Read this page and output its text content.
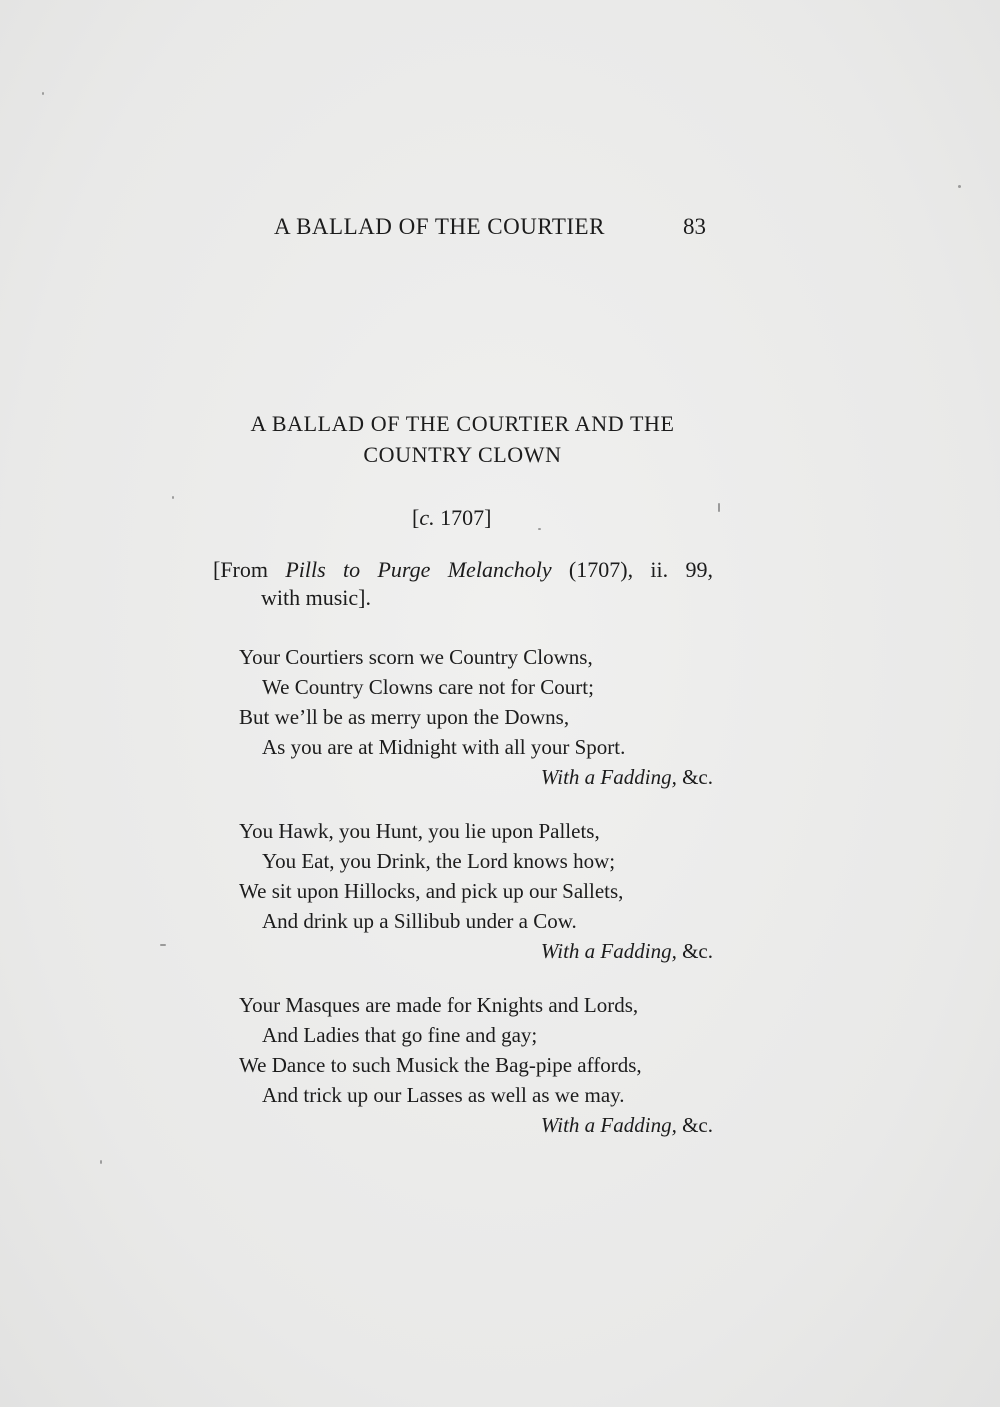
A BALLAD OF THE COURTIER	83
A BALLAD OF THE COURTIER AND THE
COUNTRY CLOWN
[c. 1707]
[From Pills to Purge Melancholy (1707), ii. 99,
with music].
Your Courtiers scorn we Country Clowns,
We Country Clowns care not for Court;
But we’ll be as merry upon the Downs,
As you are at Midnight with all your Sport.
With a Fadding, &c.
You Hawk, you Hunt, you lie upon Pallets,
You Eat, you Drink, the Lord knows how;
We sit upon Hillocks, and pick up our Sallets,
And drink up a Sillibub under a Cow.
With a Fadding, &c.
Your Masques are made for Knights and Lords,
And Ladies that go fine and gay;
We Dance to such Musick the Bag-pipe affords,
And trick up our Lasses as well as we may.
With a Fadding, &c.
